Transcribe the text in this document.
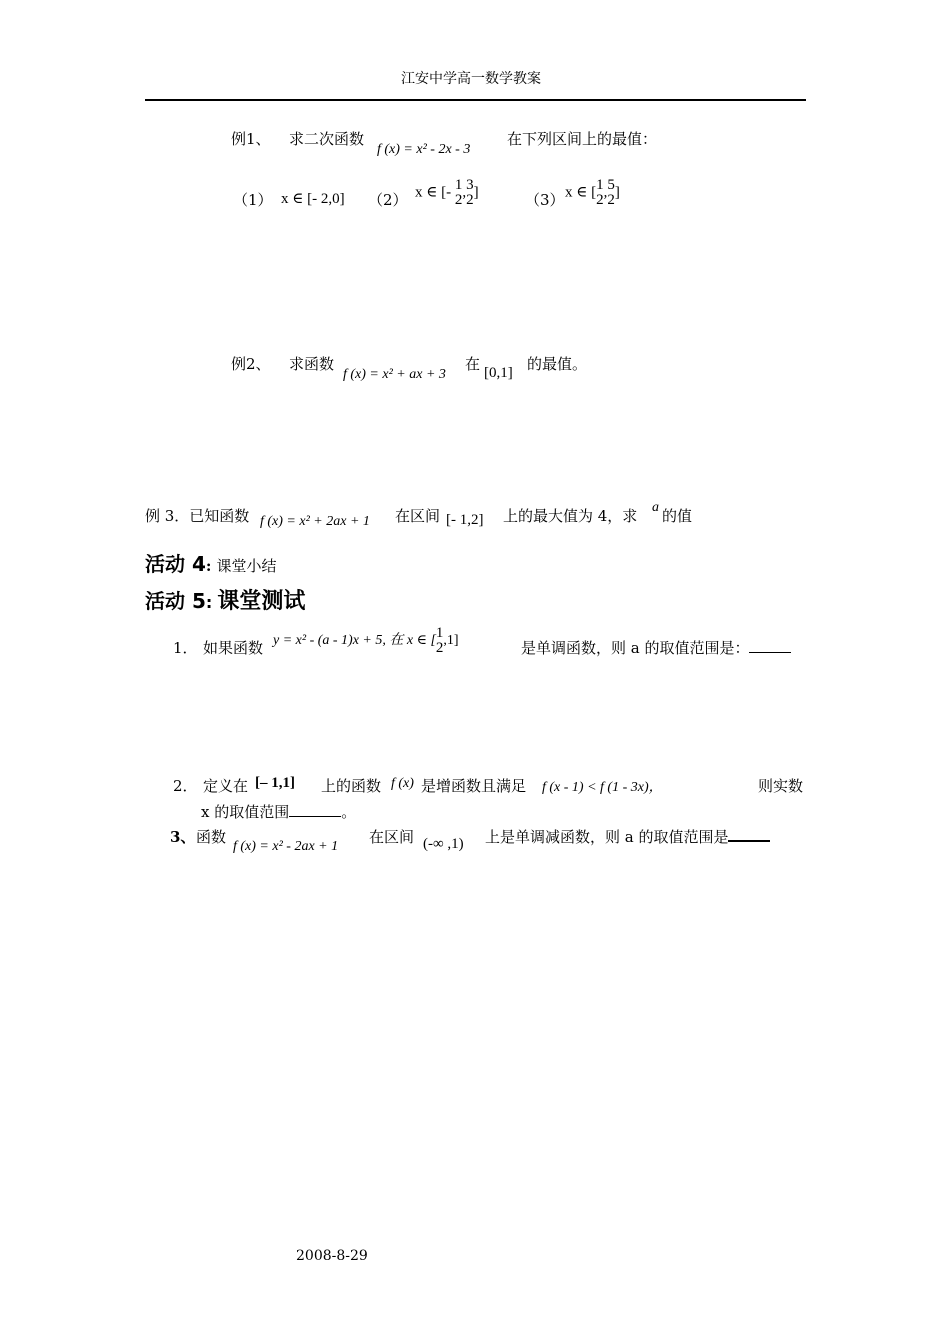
江安中学高一数学教案
例1、 求二次函数
f (x) = x² - 2x - 3
在下列区间上的最值：
（1） x ∈ [- 2,0] （2） x ∈ [- 1
2 , 3
2 ]	（3） x ∈ [ 1
2 , 5
2 ]
例2、 求函数
f (x) = x² + ax + 3
在 [0,1] 的最值。
例 3．已知函数 f (x) = x² + 2ax + 1 在区间 [- 1,2] 上的最大值为 4，求 a 的值
活动 4: 课堂小结
活动 5: 课堂测试
1． 如果函数 y = x² - (a - 1)x + 5, 在 x ∈ [ 1
2 ,1]	是单调函数，则 a 的取值范围是：
2． 定义在 [– 1,1] 上的函数 f (x) 是增函数且满足 f (x - 1) < f (1 - 3x)，	则实数
x 的取值范围	。
3、 函数
f (x) = x² - 2ax + 1
在区间 (-∞ ,1) 上是单调减函数，则 a 的取值范围是
2008-8-29
